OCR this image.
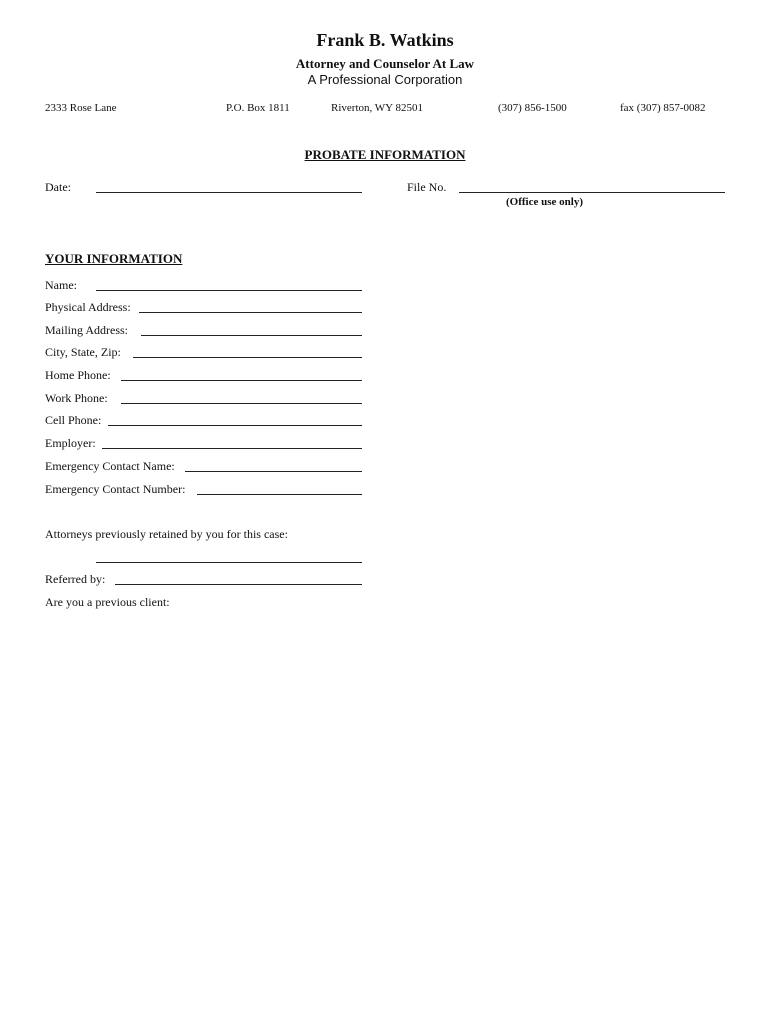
Frank B. Watkins
Attorney and Counselor At Law
A Professional Corporation
2333 Rose Lane	P.O. Box 1811	Riverton, WY 82501	(307) 856-1500	fax (307) 857-0082
PROBATE INFORMATION
Date:	File No.
(Office use only)
YOUR INFORMATION
Name:
Physical Address:
Mailing Address:
City, State, Zip:
Home Phone:
Work Phone:
Cell Phone:
Employer:
Emergency Contact Name:
Emergency Contact Number:
Attorneys previously retained by you for this case:
Referred by:
Are you a previous client:
